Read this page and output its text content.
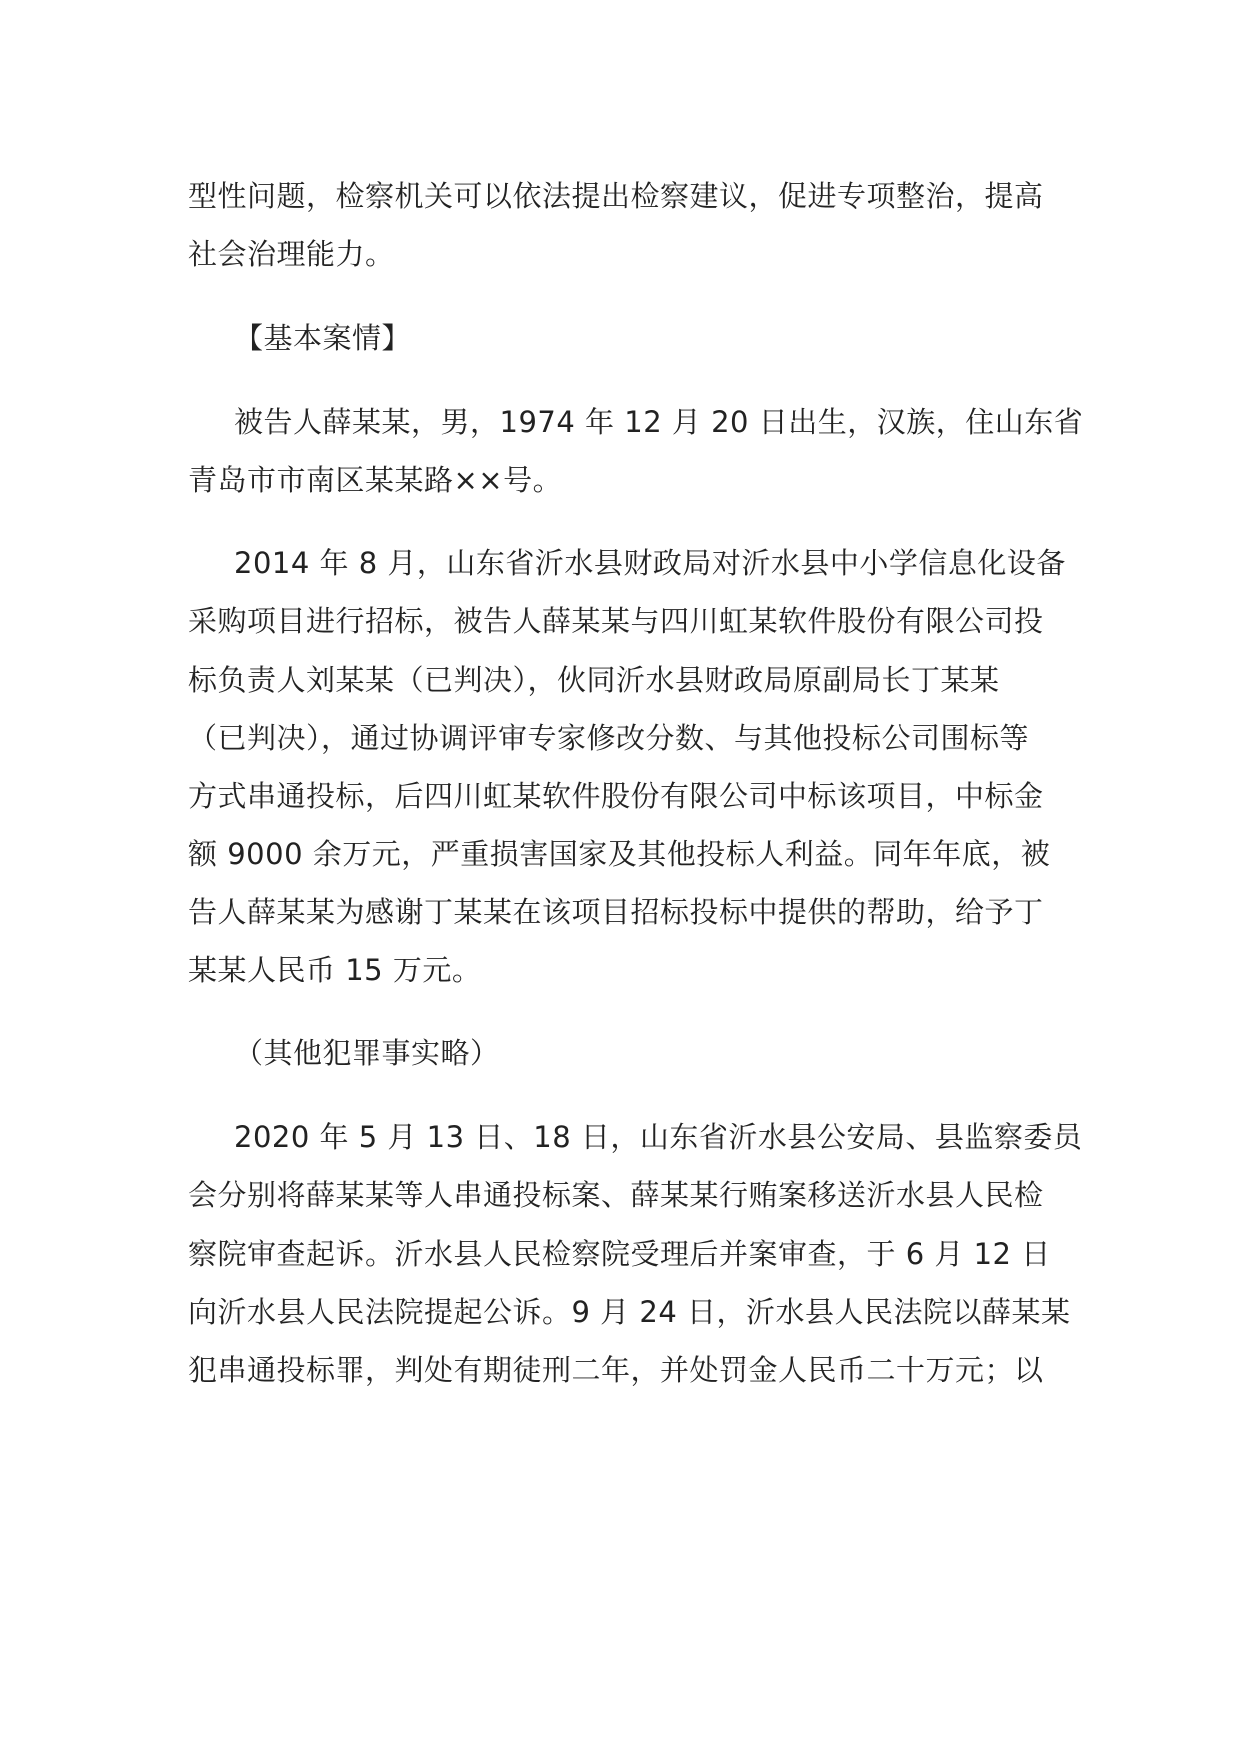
型性问题，检察机关可以依法提出检察建议，促进专项整治，提高
社会治理能力。
【基本案情】
被告人薛某某，男，1974 年 12 月 20 日出生，汉族，住山东省
青岛市市南区某某路××号。
2014 年 8 月，山东省沂水县财政局对沂水县中小学信息化设备
采购项目进行招标，被告人薛某某与四川虹某软件股份有限公司投
标负责人刘某某（已判决），伙同沂水县财政局原副局长丁某某
（已判决），通过协调评审专家修改分数、与其他投标公司围标等
方式串通投标，后四川虹某软件股份有限公司中标该项目，中标金
额 9000 余万元，严重损害国家及其他投标人利益。同年年底，被
告人薛某某为感谢丁某某在该项目招标投标中提供的帮助，给予丁
某某人民币 15 万元。
（其他犯罪事实略）
2020 年 5 月 13 日、18 日，山东省沂水县公安局、县监察委员
会分别将薛某某等人串通投标案、薛某某行贿案移送沂水县人民检
察院审查起诉。沂水县人民检察院受理后并案审查，于 6 月 12 日
向沂水县人民法院提起公诉。9 月 24 日，沂水县人民法院以薛某某
犯串通投标罪，判处有期徒刑二年，并处罚金人民币二十万元；以
